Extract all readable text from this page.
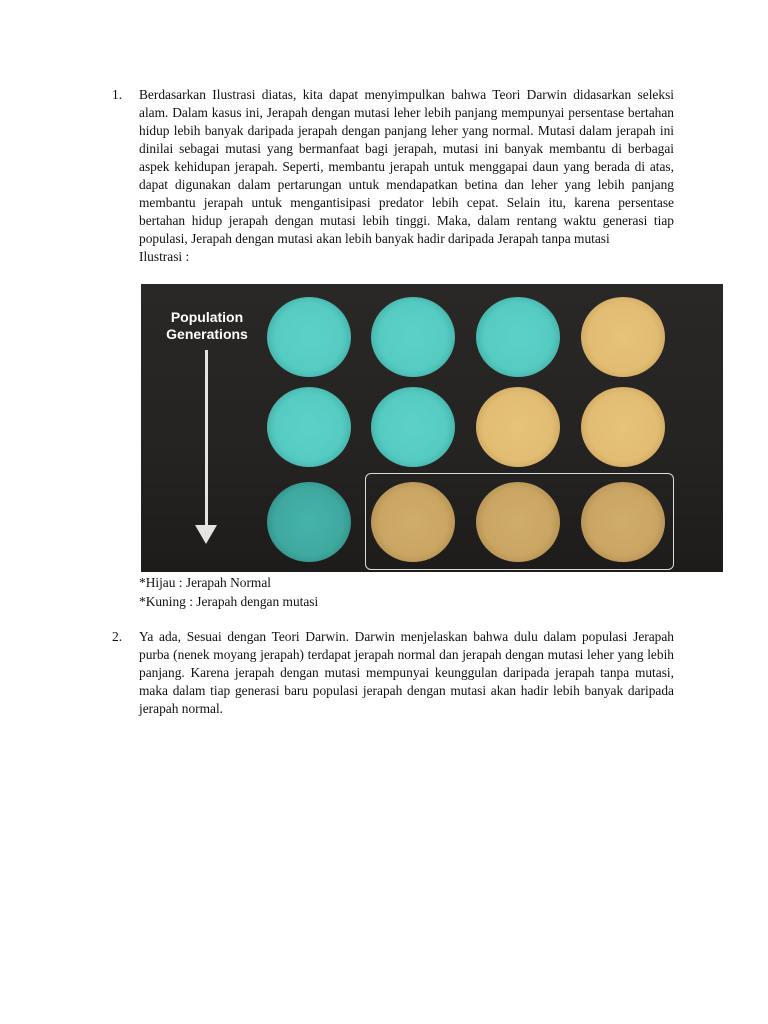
1.	Berdasarkan Ilustrasi diatas, kita dapat menyimpulkan bahwa Teori Darwin didasarkan seleksi alam. Dalam kasus ini, Jerapah dengan mutasi leher lebih panjang mempunyai persentase bertahan hidup lebih banyak daripada jerapah dengan panjang leher yang normal. Mutasi dalam jerapah ini dinilai sebagai mutasi yang bermanfaat bagi jerapah, mutasi ini banyak membantu di berbagai aspek kehidupan jerapah. Seperti, membantu jerapah untuk menggapai daun yang berada di atas, dapat digunakan dalam pertarungan untuk mendapatkan betina dan leher yang lebih panjang membantu jerapah untuk mengantisipasi predator lebih cepat. Selain itu, karena persentase bertahan hidup jerapah dengan mutasi lebih tinggi. Maka, dalam rentang waktu generasi tiap populasi, Jerapah dengan mutasi akan lebih banyak hadir daripada Jerapah tanpa mutasi
Ilustrasi :
Population
Generations
*Hijau : Jerapah Normal
*Kuning : Jerapah dengan mutasi
2.	Ya ada, Sesuai dengan Teori Darwin. Darwin menjelaskan bahwa dulu dalam populasi Jerapah purba (nenek moyang jerapah) terdapat jerapah normal dan jerapah dengan mutasi leher yang lebih panjang. Karena jerapah dengan mutasi mempunyai keunggulan daripada jerapah tanpa mutasi, maka dalam tiap generasi baru populasi jerapah dengan mutasi akan hadir lebih banyak daripada jerapah normal.
